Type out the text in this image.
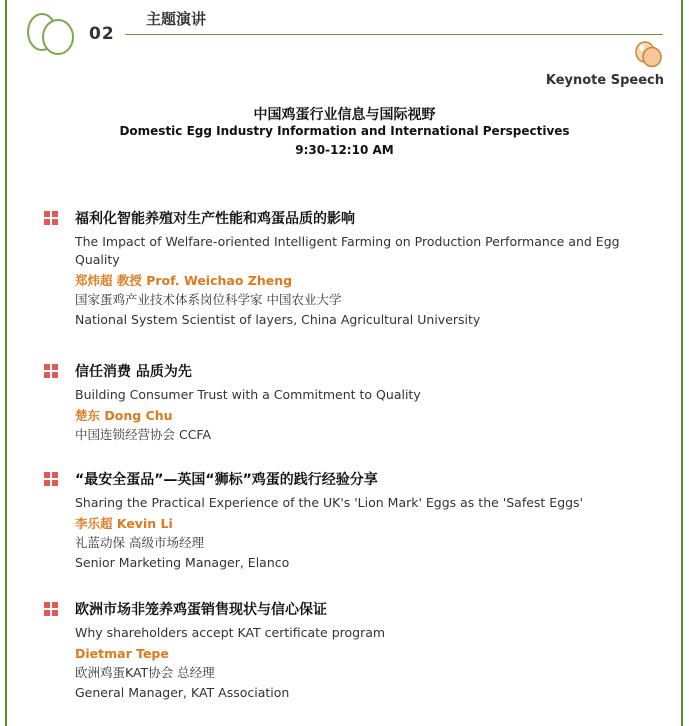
02
主题演讲
Keynote Speech
中国鸡蛋行业信息与国际视野
Domestic Egg Industry Information and International Perspectives
9:30-12:10 AM
福利化智能养殖对生产性能和鸡蛋品质的影响
The Impact of Welfare-oriented Intelligent Farming on Production Performance and Egg Quality
郑炜超 教授 Prof. Weichao Zheng
国家蛋鸡产业技术体系岗位科学家 中国农业大学
National System Scientist of layers, China Agricultural University
信任消费 品质为先
Building Consumer Trust with a Commitment to Quality
楚东 Dong Chu
中国连锁经营协会 CCFA
“最安全蛋品”—英国“狮标”鸡蛋的践行经验分享
Sharing the Practical Experience of the UK's 'Lion Mark' Eggs as the 'Safest Eggs'
李乐超 Kevin Li
礼蓝动保 高级市场经理
Senior Marketing Manager, Elanco
欧洲市场非笼养鸡蛋销售现状与信心保证
Why shareholders accept KAT certificate program
Dietmar Tepe
欧洲鸡蛋KAT协会 总经理
General Manager, KAT Association
